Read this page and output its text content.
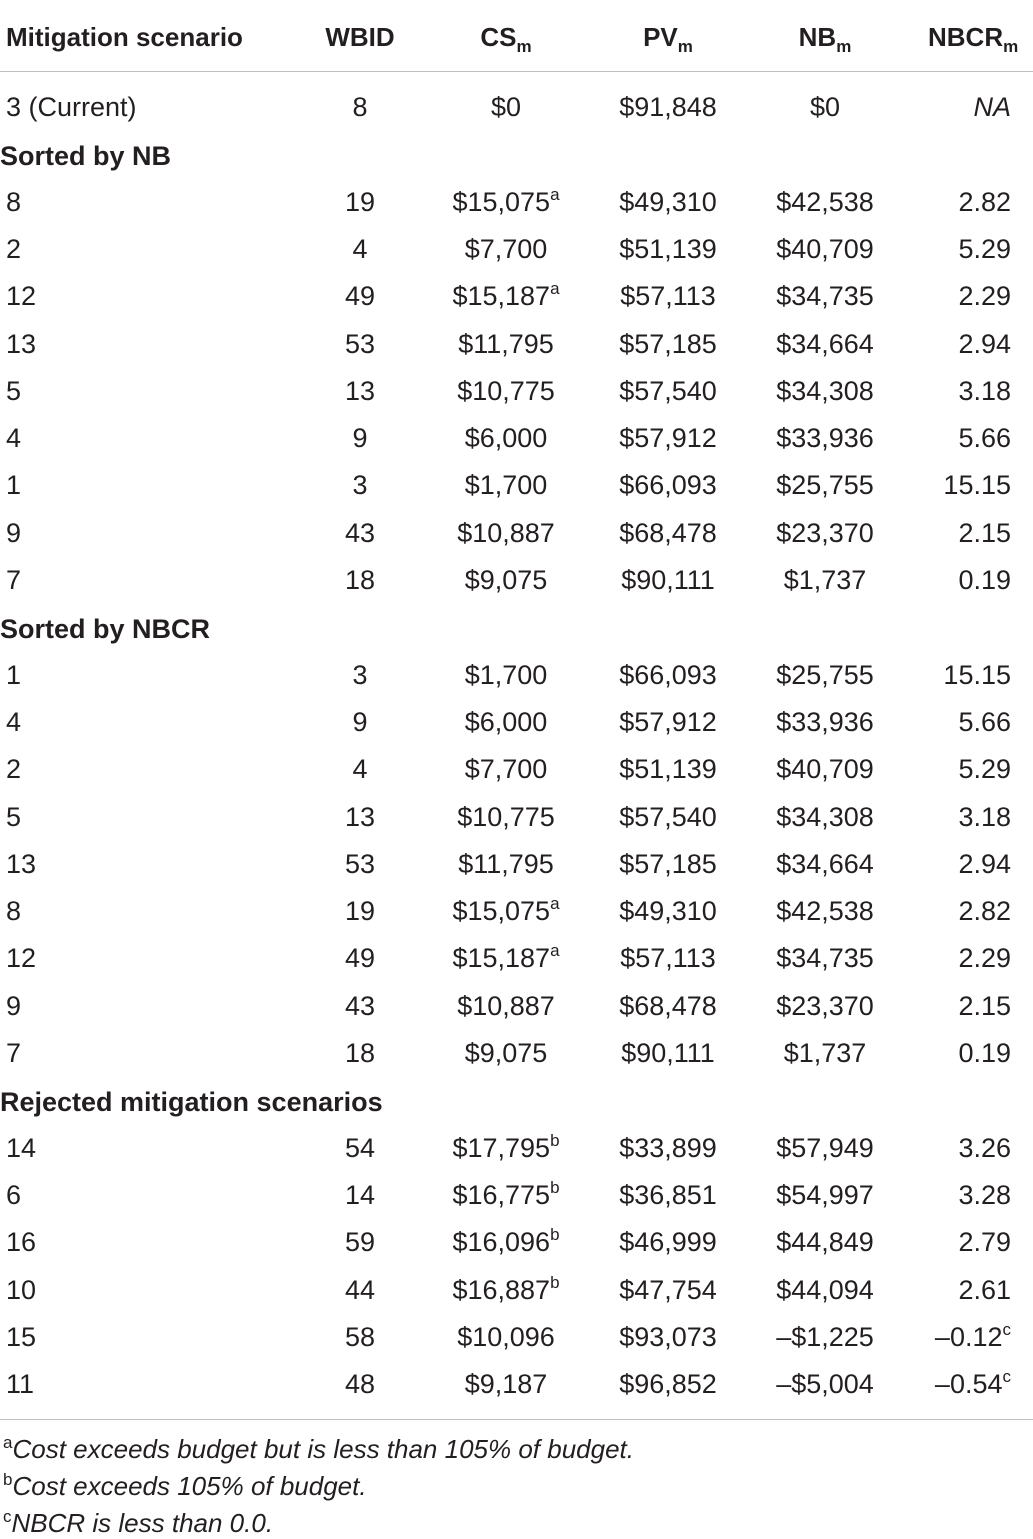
Mitigation scenario	WBID	$CS_m$	$PV_m$	$NB_m$	$NBCR_m$
3 (Current)	8	$0	$91,848	$0	NA
Sorted by NB
8	19	$15,075$^a$	$49,310	$42,538	2.82
2	4	$7,700	$51,139	$40,709	5.29
12	49	$15,187$^a$	$57,113	$34,735	2.29
13	53	$11,795	$57,185	$34,664	2.94
5	13	$10,775	$57,540	$34,308	3.18
4	9	$6,000	$57,912	$33,936	5.66
1	3	$1,700	$66,093	$25,755	15.15
9	43	$10,887	$68,478	$23,370	2.15
7	18	$9,075	$90,111	$1,737	0.19
Sorted by NBCR
1	3	$1,700	$66,093	$25,755	15.15
4	9	$6,000	$57,912	$33,936	5.66
2	4	$7,700	$51,139	$40,709	5.29
5	13	$10,775	$57,540	$34,308	3.18
13	53	$11,795	$57,185	$34,664	2.94
8	19	$15,075$^a$	$49,310	$42,538	2.82
12	49	$15,187$^a$	$57,113	$34,735	2.29
9	43	$10,887	$68,478	$23,370	2.15
7	18	$9,075	$90,111	$1,737	0.19
Rejected mitigation scenarios
14	54	$17,795$^b$	$33,899	$57,949	3.26
6	14	$16,775$^b$	$36,851	$54,997	3.28
16	59	$16,096$^b$	$46,999	$44,849	2.79
10	44	$16,887$^b$	$47,754	$44,094	2.61
15	58	$10,096	$93,073	–$1,225	–0.12$^c$
11	48	$9,187	$96,852	–$5,004	–0.54$^c$
$^a$Cost exceeds budget but is less than 105% of budget.
$^b$Cost exceeds 105% of budget.
$^c$NBCR is less than 0.0.
